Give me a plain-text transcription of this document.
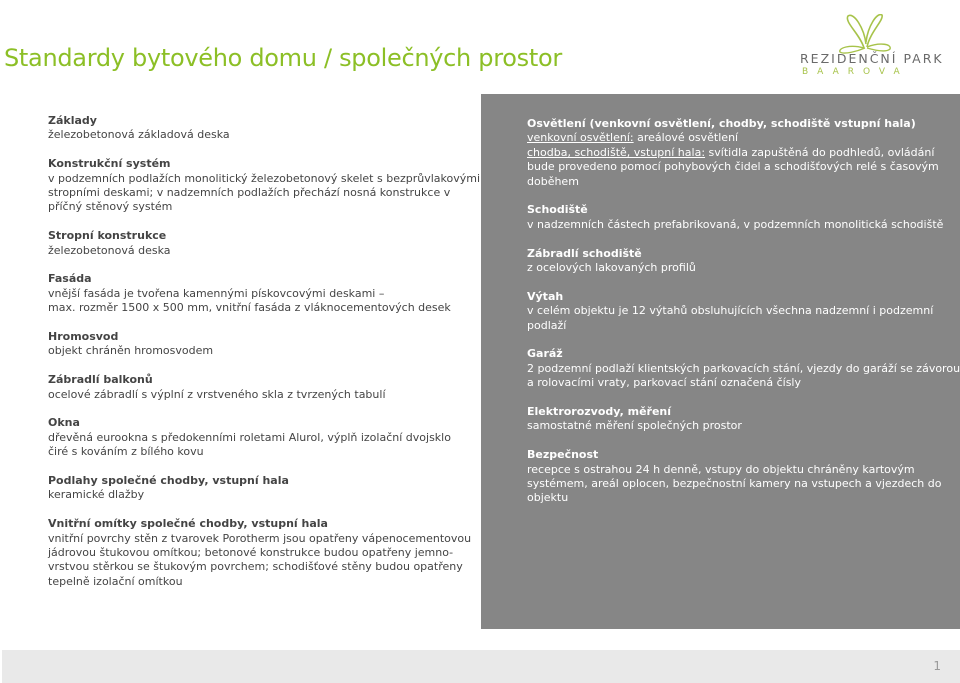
Standardy bytového domu / společných prostor	REZIDENČNÍ PARK
BAAROVA
Základy
železobetonová základová deska
Konstrukční systém
v podzemních podlažích monolitický železobetonový skelet s bezprůvlakovými
stropními deskami; v nadzemních podlažích přechází nosná konstrukce v
příčný stěnový systém
Stropní konstrukce
železobetonová deska
Fasáda
vnější fasáda je tvořena kamennými pískovcovými deskami –
max. rozměr 1500 x 500 mm, vnitřní fasáda z vláknocementových desek
Hromosvod
objekt chráněn hromosvodem
Zábradlí balkonů
ocelové zábradlí s výplní z vrstveného skla z tvrzených tabulí
Okna
dřevěná eurookna s předokenními roletami Alurol, výplň izolační dvojsklo
čiré s kováním z bílého kovu
Podlahy společné chodby, vstupní hala
keramické dlažby
Vnitřní omítky společné chodby, vstupní hala
vnitřní povrchy stěn z tvarovek Porotherm jsou opatřeny vápenocementovou
jádrovou štukovou omítkou; betonové konstrukce budou opatřeny jemno-
vrstvou stěrkou se štukovým povrchem; schodišťové stěny budou opatřeny
tepelně izolační omítkou
Osvětlení (venkovní osvětlení, chodby, schodiště vstupní hala)
venkovní osvětlení: areálové osvětlení
chodba, schodiště, vstupní hala: svítidla zapuštěná do podhledů, ovládání
bude provedeno pomocí pohybových čidel a schodišťových relé s časovým
doběhem
Schodiště
v nadzemních částech prefabrikovaná, v podzemních monolitická schodiště
Zábradlí schodiště
z ocelových lakovaných profilů
Výtah
v celém objektu je 12 výtahů obsluhujících všechna nadzemní i podzemní
podlaží
Garáž
2 podzemní podlaží klientských parkovacích stání, vjezdy do garáží se závorou
a rolovacími vraty, parkovací stání označená čísly
Elektrorozvody, měření
samostatné měření společných prostor
Bezpečnost
recepce s ostrahou 24 h denně, vstupy do objektu chráněny kartovým
systémem, areál oplocen, bezpečnostní kamery na vstupech a vjezdech do
objektu
1
